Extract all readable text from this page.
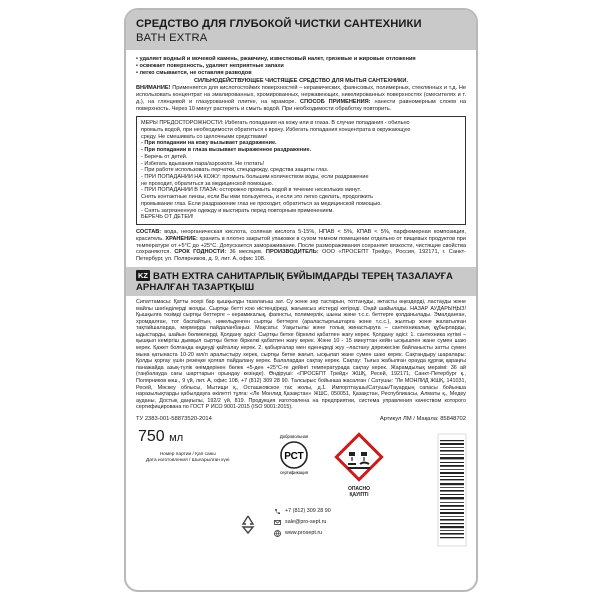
СРЕДСТВО ДЛЯ ГЛУБОКОЙ ЧИСТКИ САНТЕХНИКИ
BATH EXTRA
• удаляет водный и мочевой камень, ржавчину, известковый налет, грязевые и жировые отложения
• освежает поверхность, удаляет неприятные запахи
• легко смывается, не оставляя разводов
СИЛЬНОДЕЙСТВУЮЩЕЕ ЧИСТЯЩЕЕ СРЕДСТВО ДЛЯ МЫТЬЯ САНТЕХНИКИ.
ВНИМАНИЕ! Применяется для кислотостойких поверхностей – керамических, фаянсовых, полимерных, стеклянных и т.д. Не использовать концентрат на эмалированных, хромированных, нержавеющих, никелированных поверхностях (смесителях и т. д.), на глянцевой и глазурованной плитке, на мраморе. СПОСОБ ПРИМЕНЕНИЯ: нанести равномерным слоем на поверхность. Через 10 минут растереть и смыть водой. При необходимости обработку повторить.
МЕРЫ ПРЕДОСТОРОЖНОСТИ: Избегать попадания на кожу или в глаза. В случае попадания - обильно
промыть водой, при необходимости обратиться к врачу. Избегать попадания концентрата в окружающую
среду. Не смешивать со щелочными средствами!
- При попадании на кожу вызывает раздражение.
- При попадании в глаза вызывает выраженное раздражение.
- Беречь от детей.
- Избегать вдыхания пара/аэрозоля. Не глотать!
- При работе использовать перчатки, спецодежду, средства защиты глаз.
- ПРИ ПОПАДАНИИ НА КОЖУ: промыть большим количеством воды, если раздражение
не проходит, обратиться за медицинской помощью.
- ПРИ ПОПАДАНИИ В ГЛАЗА: осторожно промыть водой в течение нескольких минут.
Снять контактные линзы, если Вы ими пользуетесь, и если это легко сделать, продолжить
промывание глаз. Если раздражение глаз не проходит, обратиться за медицинской помощью.
- Снять загрязненную одежду и выстирать перед повторным применением.
БЕРЕЧЬ ОТ ДЕТЕЙ!
СОСТАВ: вода, неорганическая кислота, соляная кислота 5-15%, НПАВ < 5%, КПАВ < 5%, парфюмерная композиция, краситель. ХРАНЕНИЕ: хранить в плотно закрытой упаковке в сухом темном помещении отдельно от пищевых продуктов при температуре от +5°С до +25°С. Допускается замораживание. После размораживания сохраняет вязкости, чистящие свойства сохраняются. СРОК ГОДНОСТИ: 36 месяцев. ПРОИЗВОДИТЕЛЬ: ООО «ПРОСЕПТ Трейд», Россия, 192171, г. Санкт-Петербург, ул. Полярников, д. 9, лит. А, офис 108.
KZ BATH EXTRA САНИТАРЛЫҚ БҰЙЫМДАРДЫ ТЕРЕҢ ТАЗАЛАУҒА АРНАЛҒАН ТАЗАРТҚЫШ
Сипаттамасы: Қатты әсері бар қышқылды тазалағыш зат. Су және зәр тастарын, тоттануды, әктасты өңездерді, ластауды және майлы шөгінділерді жояды. Сыртқы беттi кою иістендіреді, жағымсыз иістерді кетіреді. Оңай шайылады. НАЗАР АУДАРЫҢЫЗ! Қышқылға төзімді сыртқы беттерге – керамикалық, фаянсты, полимерлік, шыны және т.с.с. беттерге қолданылады. Эмалданған, хромдалған, тот баспайтын, никельденген сыртқы беттерге (араластырғыштарға және т.с.с.), жылтыр және жалатылған тақтайшаларда, мәрмәрда пайдаланбаңыз. Мақсаты: Уақытылы және толық жинастыруға – сантехникалық құбырларды, ыдыстарды, шайын бөлмелерді, Қолдану әдісі: Сыртқы бетке біркелкі қабатпен жағу керек. Қолдану әдісі: 1. сантехника күтімі – қышқыл кеміргіш дымқыл сыртқы бетке біркелкі қабатпен жағу керек. Және 10 - 15 минуттан кейін ысқышпен жане сумен шаю керек. Қажет болғанда өңдеуді қайталау керек. 2. қабырғалар мен еденндеді жуу –ластану дәрежесіне байланысты затты сумен мына қатынаста 10-20 мл/л аралыстыру керек, сыртқы бетке жағып, ысқылап жане сумен шаю керек. Сақтандыру шаралары: Қолды қорғау үшін резеңке қолғап пайдалану керек. Балалардан сақтау керек. Сақтау: Тығыз жабылған орауда құрғақ қараңғы панажайда азық-түлік өнімдерінен бөлек +5-ден +25°С-ге дейінгі температурада сақтау керек. Жарамдылық мерзімі: 36 ай (таңбалауда сағы шарттарын орындау кезінде). Өндіруші: «ПРОСЕПТ Трейд» ЖШҚ, Ресей, 192171, Санкт-Петербург қ., Полярников көш., 9 үй, лит. А, офис 108, +7 (812) 309 28 90. Талсырыс бойынша жасалған / Сатушы: "Ле МОНЛИД ЖШҚ, 141031, Ресей, Мәскеу облысы, Мытищи қ., Осташковское тас жолы, д.1. Импорттаушы/Сатушы/Тауардың сапасы бойынша наразылықтарды қабылдауға өкілетті тұлға: «Ле Монлид Қазақстан» ЖШС, 050051, Қазақстан, Республикасы, Алматы қ., Медеу ауданы, Достық даңғылы, 192/2 үй, 819. Продукция изготовлена на предприятии, система управления качеством которого сертифицирована по ГОСТ Р ИСО 9001-2015 (ISO 9001:2015).
ТУ 2383-001-58873520-2014	Артикул ЛМ / Мақала: 85848702
750 мл
Номер партии / Қап саны
Дата изготовления / Шығарылған күні
Добровольная
РСТ
сертификация
ОПАСНО
ҚАУІПТІ
+7 (812) 309 28 90
sale@pro-sept.ru
www.prosept.ru
